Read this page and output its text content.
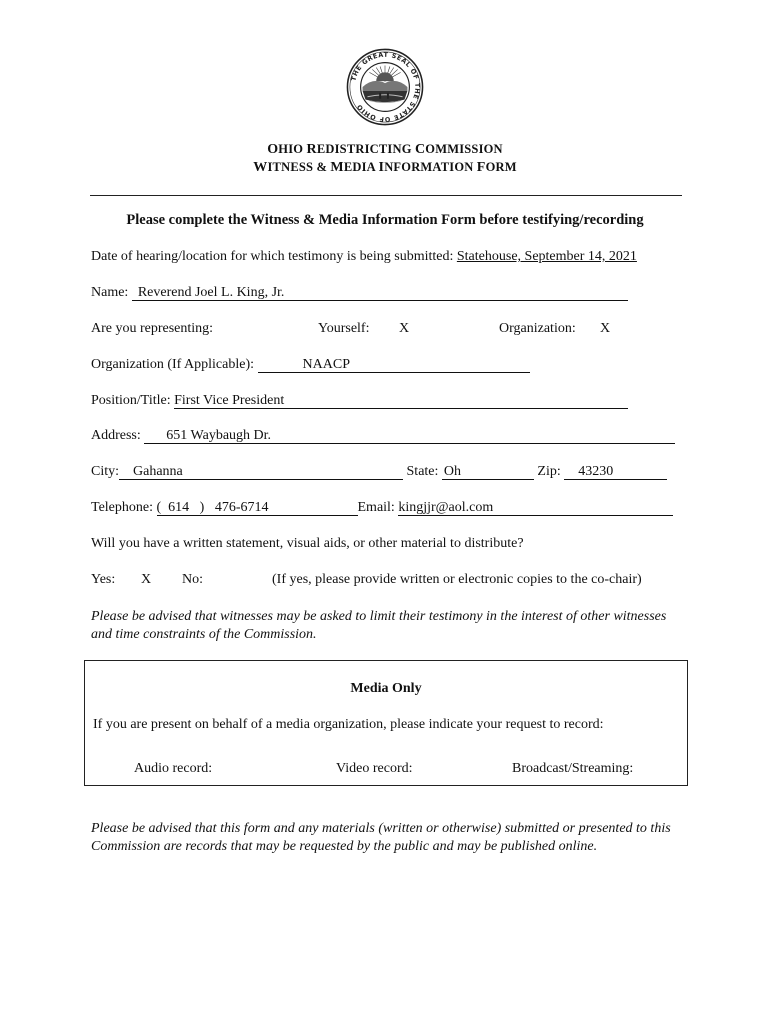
THE GREAT SEAL OF THE STATE OF OHIO
OHIO REDISTRICTING COMMISSION
WITNESS & MEDIA INFORMATION FORM
Please complete the Witness & Media Information Form before testifying/recording
Date of hearing/location for which testimony is being submitted: Statehouse, September 14, 2021
Name: Reverend Joel L. King, Jr.
Are you representing:	Yourself: X	Organization: X
Organization (If Applicable):	NAACP
Position/Title: First Vice President
Address: 651 Waybaugh Dr.
City: Gahanna	State: Oh	Zip: 43230
Telephone: (  614   )   476-6714	Email: kingjjr@aol.com
Will you have a written statement, visual aids, or other material to distribute?
Yes: X No:	(If yes, please provide written or electronic copies to the co-chair)
Please be advised that witnesses may be asked to limit their testimony in the interest of other witnesses and time constraints of the Commission.
Media Only
If you are present on behalf of a media organization, please indicate your request to record:
Audio record:	Video record:	Broadcast/Streaming:
Please be advised that this form and any materials (written or otherwise) submitted or presented to this Commission are records that may be requested by the public and may be published online.
